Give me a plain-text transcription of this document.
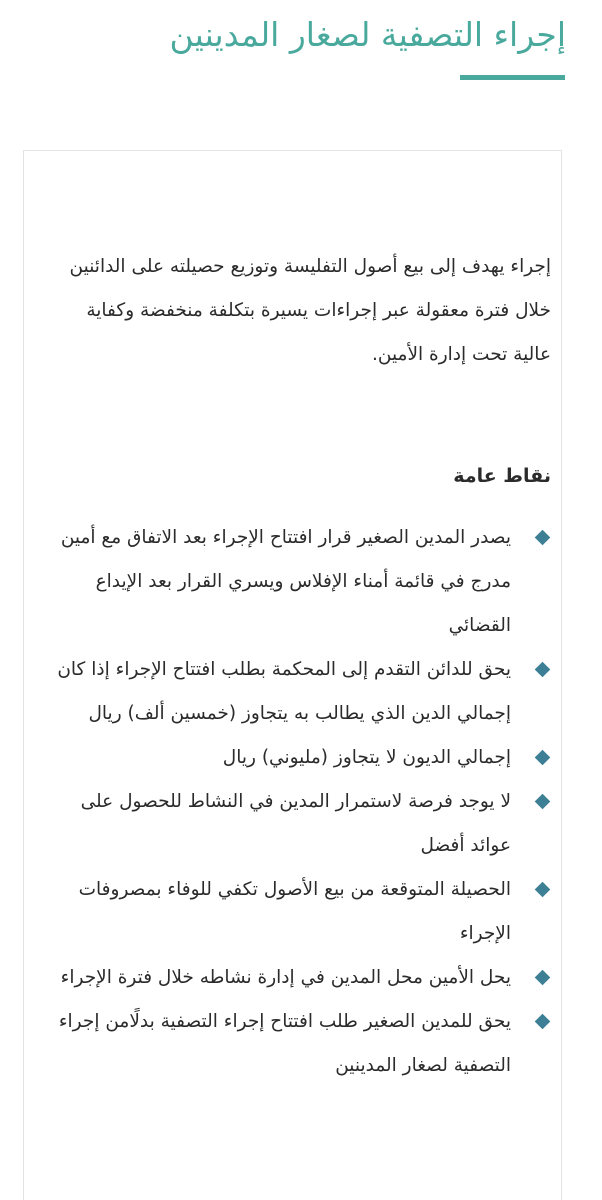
إجراء التصفية لصغار المدينين

إجراء يهدف إلى بيع أصول التفليسة وتوزيع حصيلته على الدائنين خلال فترة معقولة عبر إجراءات يسيرة بتكلفة منخفضة وكفاية عالية تحت إدارة الأمين.

نقاط عامة
يصدر المدين الصغير قرار افتتاح الإجراء بعد الاتفاق مع أمين مدرج في قائمة أمناء الإفلاس ويسري القرار بعد الإيداع القضائي
يحق للدائن التقدم إلى المحكمة بطلب افتتاح الإجراء إذا كان إجمالي الدين الذي يطالب به يتجاوز (خمسين ألف) ريال
إجمالي الديون لا يتجاوز (مليوني) ريال
لا يوجد فرصة لاستمرار المدين في النشاط للحصول على عوائد أفضل
الحصيلة المتوقعة من بيع الأصول تكفي للوفاء بمصروفات الإجراء
يحل الأمين محل المدين في إدارة نشاطه خلال فترة الإجراء
يحق للمدين الصغير طلب افتتاح إجراء التصفية بدلًامن إجراء التصفية لصغار المدينين
